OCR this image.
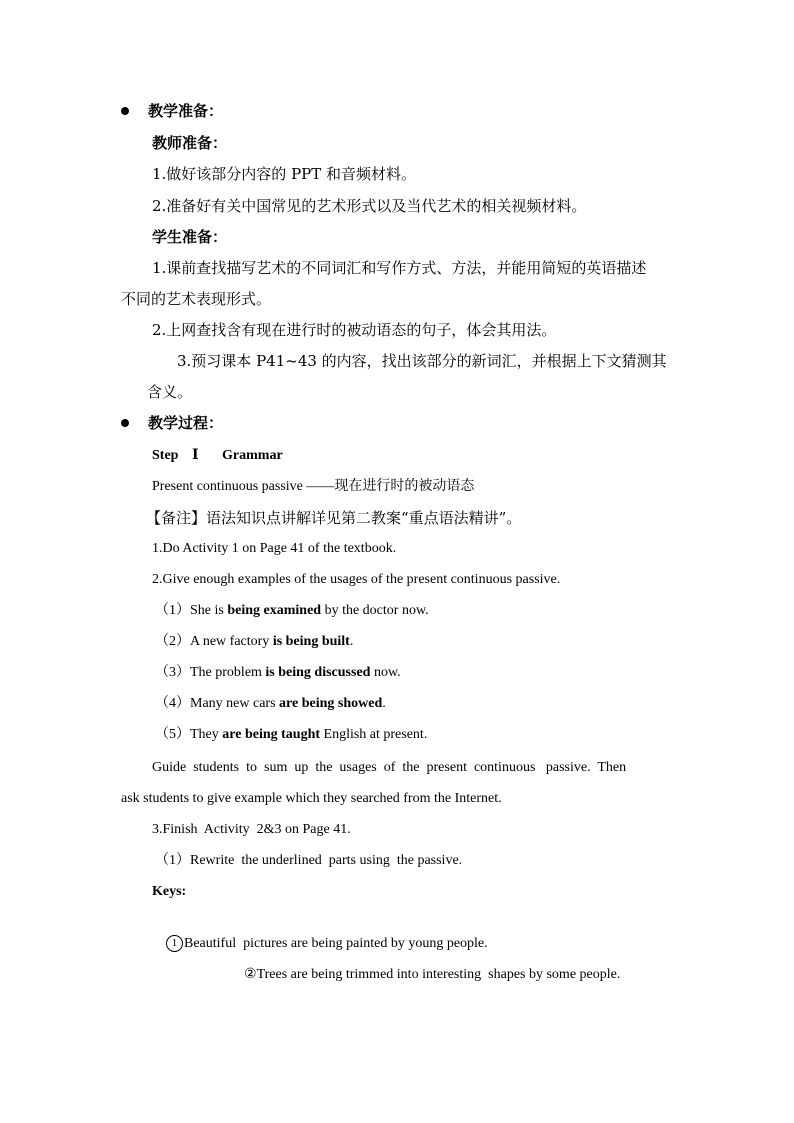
教学准备：
教师准备：
1.做好该部分内容的 PPT 和音频材料。
2.准备好有关中国常见的艺术形式以及当代艺术的相关视频材料。
学生准备：
1.课前查找描写艺术的不同词汇和写作方式、方法，并能用简短的英语描述
不同的艺术表现形式。
2.上网查找含有现在进行时的被动语态的句子，体会其用法。
3.预习课本 P41~43 的内容，找出该部分的新词汇，并根据上下文猜测其
含义。
教学过程：
Step Ⅰ Grammar
Present continuous passive ——现在进行时的被动语态
【备注】语法知识点讲解详见第二教案“重点语法精讲”。
1.Do Activity 1 on Page 41 of the textbook.
2.Give enough examples of the usages of the present continuous passive.
（1）She is being examined by the doctor now.
（2）A new factory is being built.
（3）The problem is being discussed now.
（4）Many new cars are being showed.
（5）They are being taught English at present.
Guide  students  to  sum  up  the  usages  of  the  present  continuous   passive.  Then
ask students to give example which they searched from the Internet.
3.Finish  Activity  2&3 on Page 41.
（1）Rewrite  the underlined  parts using  the passive.
Keys:

1 Beautiful  pictures are being painted by young people.

②Trees are being trimmed into interesting  shapes by some people.
